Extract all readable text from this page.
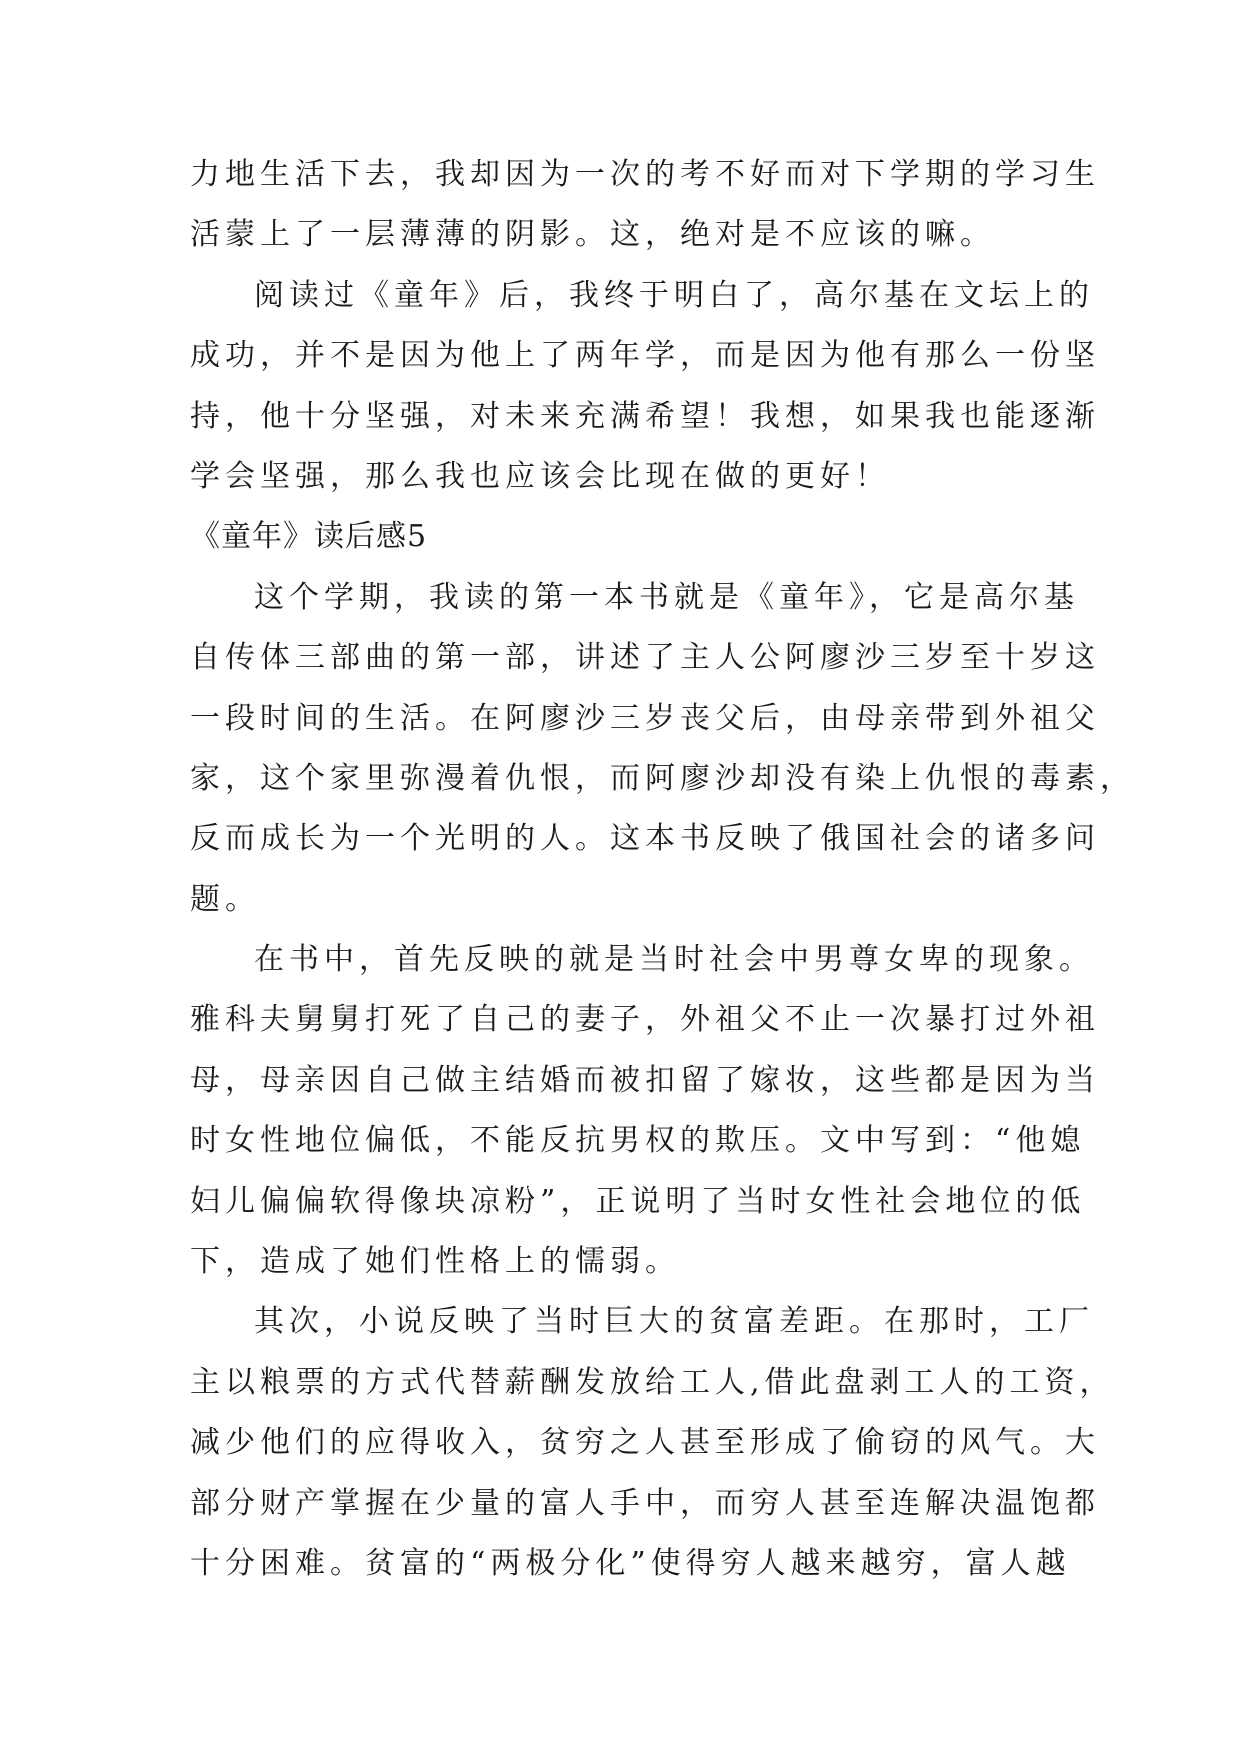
力地生活下去，我却因为一次的考不好而对下学期的学习生
活蒙上了一层薄薄的阴影。这，绝对是不应该的嘛。
阅读过《童年》后，我终于明白了，高尔基在文坛上的
成功，并不是因为他上了两年学，而是因为他有那么一份坚
持，他十分坚强，对未来充满希望！我想，如果我也能逐渐
学会坚强，那么我也应该会比现在做的更好！
《童年》读后感5
这个学期，我读的第一本书就是《童年》，它是高尔基
自传体三部曲的第一部，讲述了主人公阿廖沙三岁至十岁这
一段时间的生活。在阿廖沙三岁丧父后，由母亲带到外祖父
家，这个家里弥漫着仇恨，而阿廖沙却没有染上仇恨的毒素，
反而成长为一个光明的人。这本书反映了俄国社会的诸多问
题。
在书中，首先反映的就是当时社会中男尊女卑的现象。
雅科夫舅舅打死了自己的妻子，外祖父不止一次暴打过外祖
母，母亲因自己做主结婚而被扣留了嫁妆，这些都是因为当
时女性地位偏低，不能反抗男权的欺压。文中写到：“他媳
妇儿偏偏软得像块凉粉”，正说明了当时女性社会地位的低
下，造成了她们性格上的懦弱。
其次，小说反映了当时巨大的贫富差距。在那时，工厂
主以粮票的方式代替薪酬发放给工人,借此盘剥工人的工资，
减少他们的应得收入，贫穷之人甚至形成了偷窃的风气。大
部分财产掌握在少量的富人手中，而穷人甚至连解决温饱都
十分困难。贫富的“两极分化”使得穷人越来越穷，富人越
